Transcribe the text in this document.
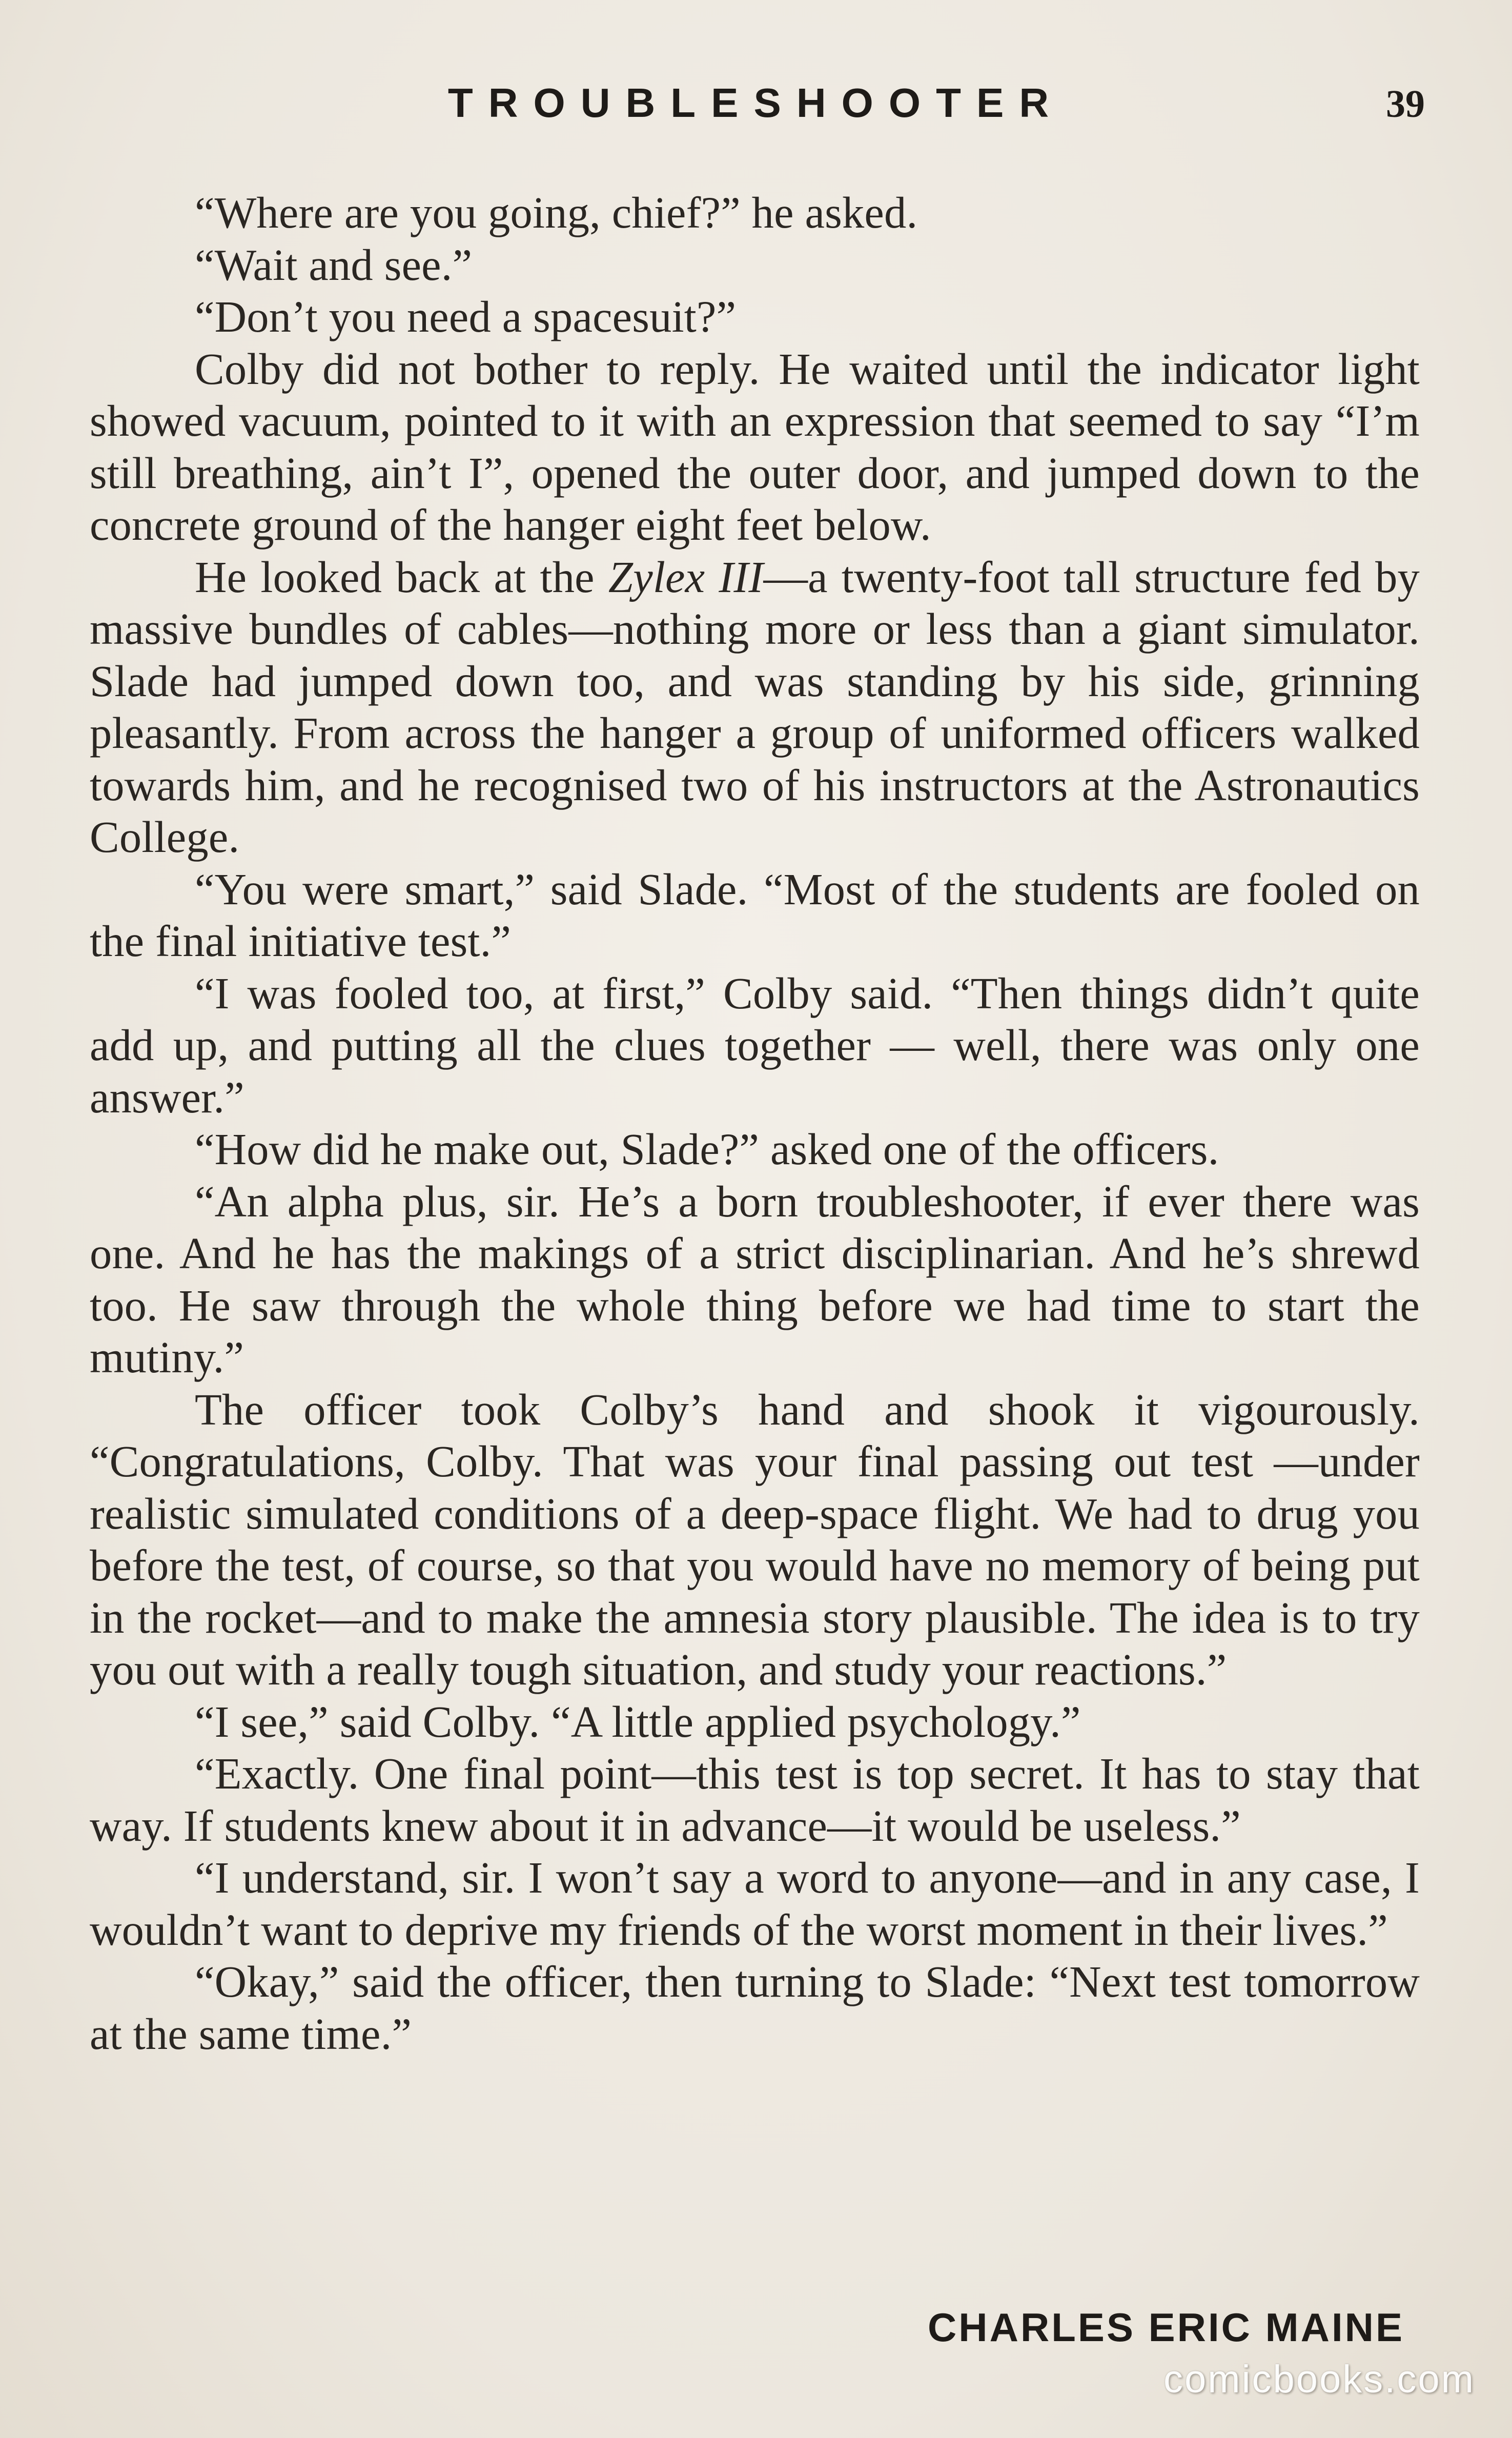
TROUBLESHOOTER	39

“Where are you going, chief?” he asked.

“Wait and see.”

“Don’t you need a spacesuit?”

Colby did not bother to reply. He waited until the indicator light showed vacuum, pointed to it with an expression that seemed to say “I’m still breathing, ain’t I”, opened the outer door, and jumped down to the concrete ground of the hanger eight feet below.

He looked back at the Zylex III—a twenty-foot tall structure fed by massive bundles of cables—nothing more or less than a giant simulator. Slade had jumped down too, and was standing by his side, grinning pleasantly. From across the hanger a group of uniformed officers walked towards him, and he recognised two of his instructors at the Astronautics College.

“You were smart,” said Slade. “Most of the students are fooled on the final initiative test.”

“I was fooled too, at first,” Colby said. “Then things didn’t quite add up, and putting all the clues together — well, there was only one answer.”

“How did he make out, Slade?” asked one of the officers.

“An alpha plus, sir. He’s a born troubleshooter, if ever there was one. And he has the makings of a strict disciplinarian. And he’s shrewd too. He saw through the whole thing before we had time to start the mutiny.”

The officer took Colby’s hand and shook it vigourously. “Congratulations, Colby. That was your final passing out test —under realistic simulated conditions of a deep-space flight. We had to drug you before the test, of course, so that you would have no memory of being put in the rocket—and to make the amnesia story plausible. The idea is to try you out with a really tough situation, and study your reactions.”

“I see,” said Colby. “A little applied psychology.”

“Exactly. One final point—this test is top secret. It has to stay that way. If students knew about it in advance—it would be useless.”

“I understand, sir. I won’t say a word to anyone—and in any case, I wouldn’t want to deprive my friends of the worst moment in their lives.”

“Okay,” said the officer, then turning to Slade: “Next test tomorrow at the same time.”

CHARLES ERIC MAINE
comicbooks.com
